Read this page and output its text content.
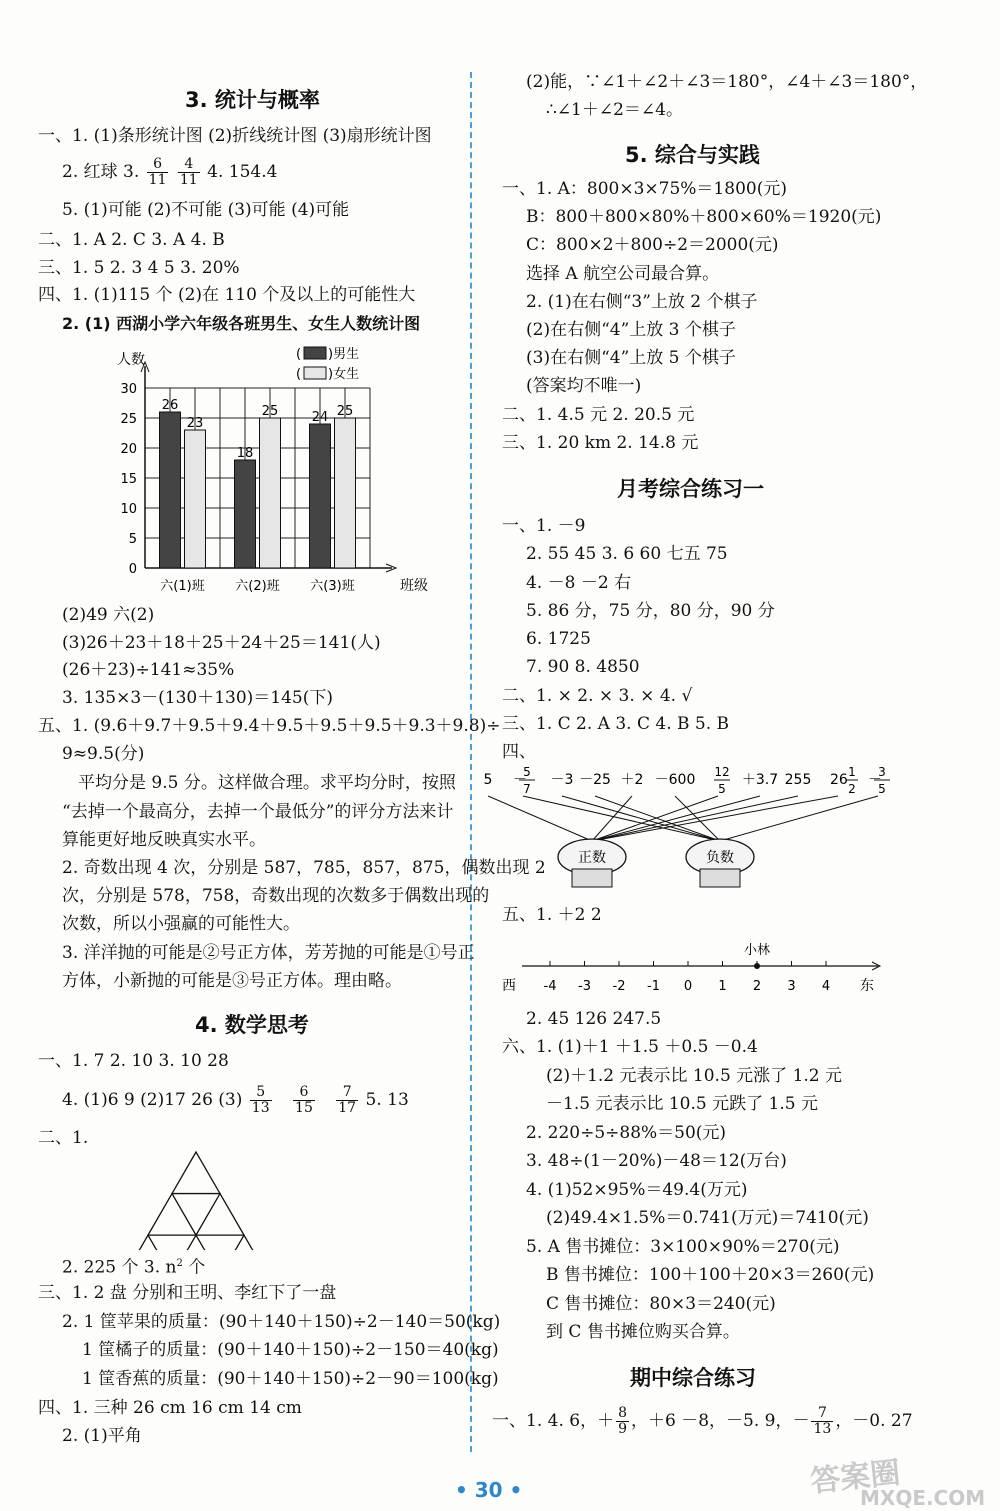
3. 统计与概率
一、1. (1)条形统计图 (2)折线统计图 (3)扇形统计图
2. 红球 3. $\frac{6}{11}$
$\frac{4}{11} 4$. 154.4
5. (1)可能 (2)不可能 (3)可能 (4)可能
二、1. A 2. C 3. A 4. B
三、1. 5 2. 3 4 5 3. 20%
四、1. (1)115 个 (2)在 110 个及以上的可能性大
2. (1) 西湖小学六年级各班男生、女生人数统计图
0
5
10
15
20
25
30
人数
班级
26
23
六(1)班
18
25
六(2)班
24 25
六(3)班
( )男生
( )女生
(2)49 六(2)
(3)26＋23＋18＋25＋24＋25＝141(人)
(26＋23)÷141≈35%
3. 135×3－(130＋130)＝145(下)
五、1. (9.6＋9.7＋9.5＋9.4＋9.5＋9.5＋9.5＋9.3＋9.8)÷
9≈9.5(分)
平均分是 9.5 分。这样做合理。求平均分时，按照
“去掉一个最高分，去掉一个最低分”的评分方法来计
算能更好地反映真实水平。
2. 奇数出现 4 次，分别是 587，785，857，875，偶数出现 2
次，分别是 578，758，奇数出现的次数多于偶数出现的
次数，所以小强赢的可能性大。
3. 洋洋抛的可能是②号正方体，芳芳抛的可能是①号正
方体，小新抛的可能是③号正方体。理由略。
4. 数学思考
一、1. 7 2. 10 3. 10 28
4. (1)6 9 (2)17 26 $(3) \frac{5}{13}$
$\frac{6}{15}$
$\frac{7}{17} 5$. 13
二、1.
2. 225 个 3. $n^2$ 个
三、1. 2 盘 分别和王明、李红下了一盘
2. 1 筐苹果的质量：(90＋140＋150)÷2－140＝50(kg)
1 筐橘子的质量：(90＋140＋150)÷2－150＝40(kg)
1 筐香蕉的质量：(90＋140＋150)÷2－90＝100(kg)
四、1. 三种 26 cm 16 cm 14 cm
2. (1)平角
(2)能，∵∠1＋∠2＋∠3＝180°，∠4＋∠3＝180°，
∴∠1＋∠2＝∠4。
5. 综合与实践
一、1. A：800×3×75%＝1800(元)
B：800＋800×80%＋800×60%＝1920(元)
C：800×2＋800÷2＝2000(元)
选择 A 航空公司最合算。
2. (1)在右侧“3”上放 2 个棋子
(2)在右侧“4”上放 3 个棋子
(3)在右侧“4”上放 5 个棋子
(答案均不唯一)
二、1. 4.5 元 2. 20.5 元
三、1. 20 km 2. 14.8 元
月考综合练习一
一、1. －9
2. 55 45 3. 6 60 七五 75
4. －8 －2 右
5. 86 分，75 分，80 分，90 分
6. 1725
7. 90 8. 4850
二、1. × 2. × 3. × 4. √
三、1. C 2. A 3. C 4. B 5. B
四、
5 －
5
7
－3 －25 ＋2 －600 12
5
＋3.7 255 26 1
2
－
3
5
正数	负数
五、1. ＋2 2
西	东
-4 -3 -2 -1 0 1 2 3 4
小林
2. 45 126 247.5
六、1. (1)＋1 ＋1.5 ＋0.5 －0.4
(2)＋1.2 元表示比 10.5 元涨了 1.2 元
－1.5 元表示比 10.5 元跌了 1.5 元
2. 220÷5÷88%＝50(元)
3. 48÷(1－20%)－48＝12(万台)
4. (1)52×95%＝49.4(万元)
(2)49.4×1.5%＝0.741(万元)＝7410(元)
5. A 售书摊位：3×100×90%＝270(元)
B 售书摊位：100＋100＋20×3＝260(元)
C 售书摊位：80×3＝240(元)
到 C 售书摊位购买合算。
期中综合练习
一、1. 4. 6，＋ $\frac{8}{9}$ ，＋6 －8，－5. 9，－ $\frac{7}{13}$ ，－0. 27
• 30 •	答案圈
MXQE.COM
